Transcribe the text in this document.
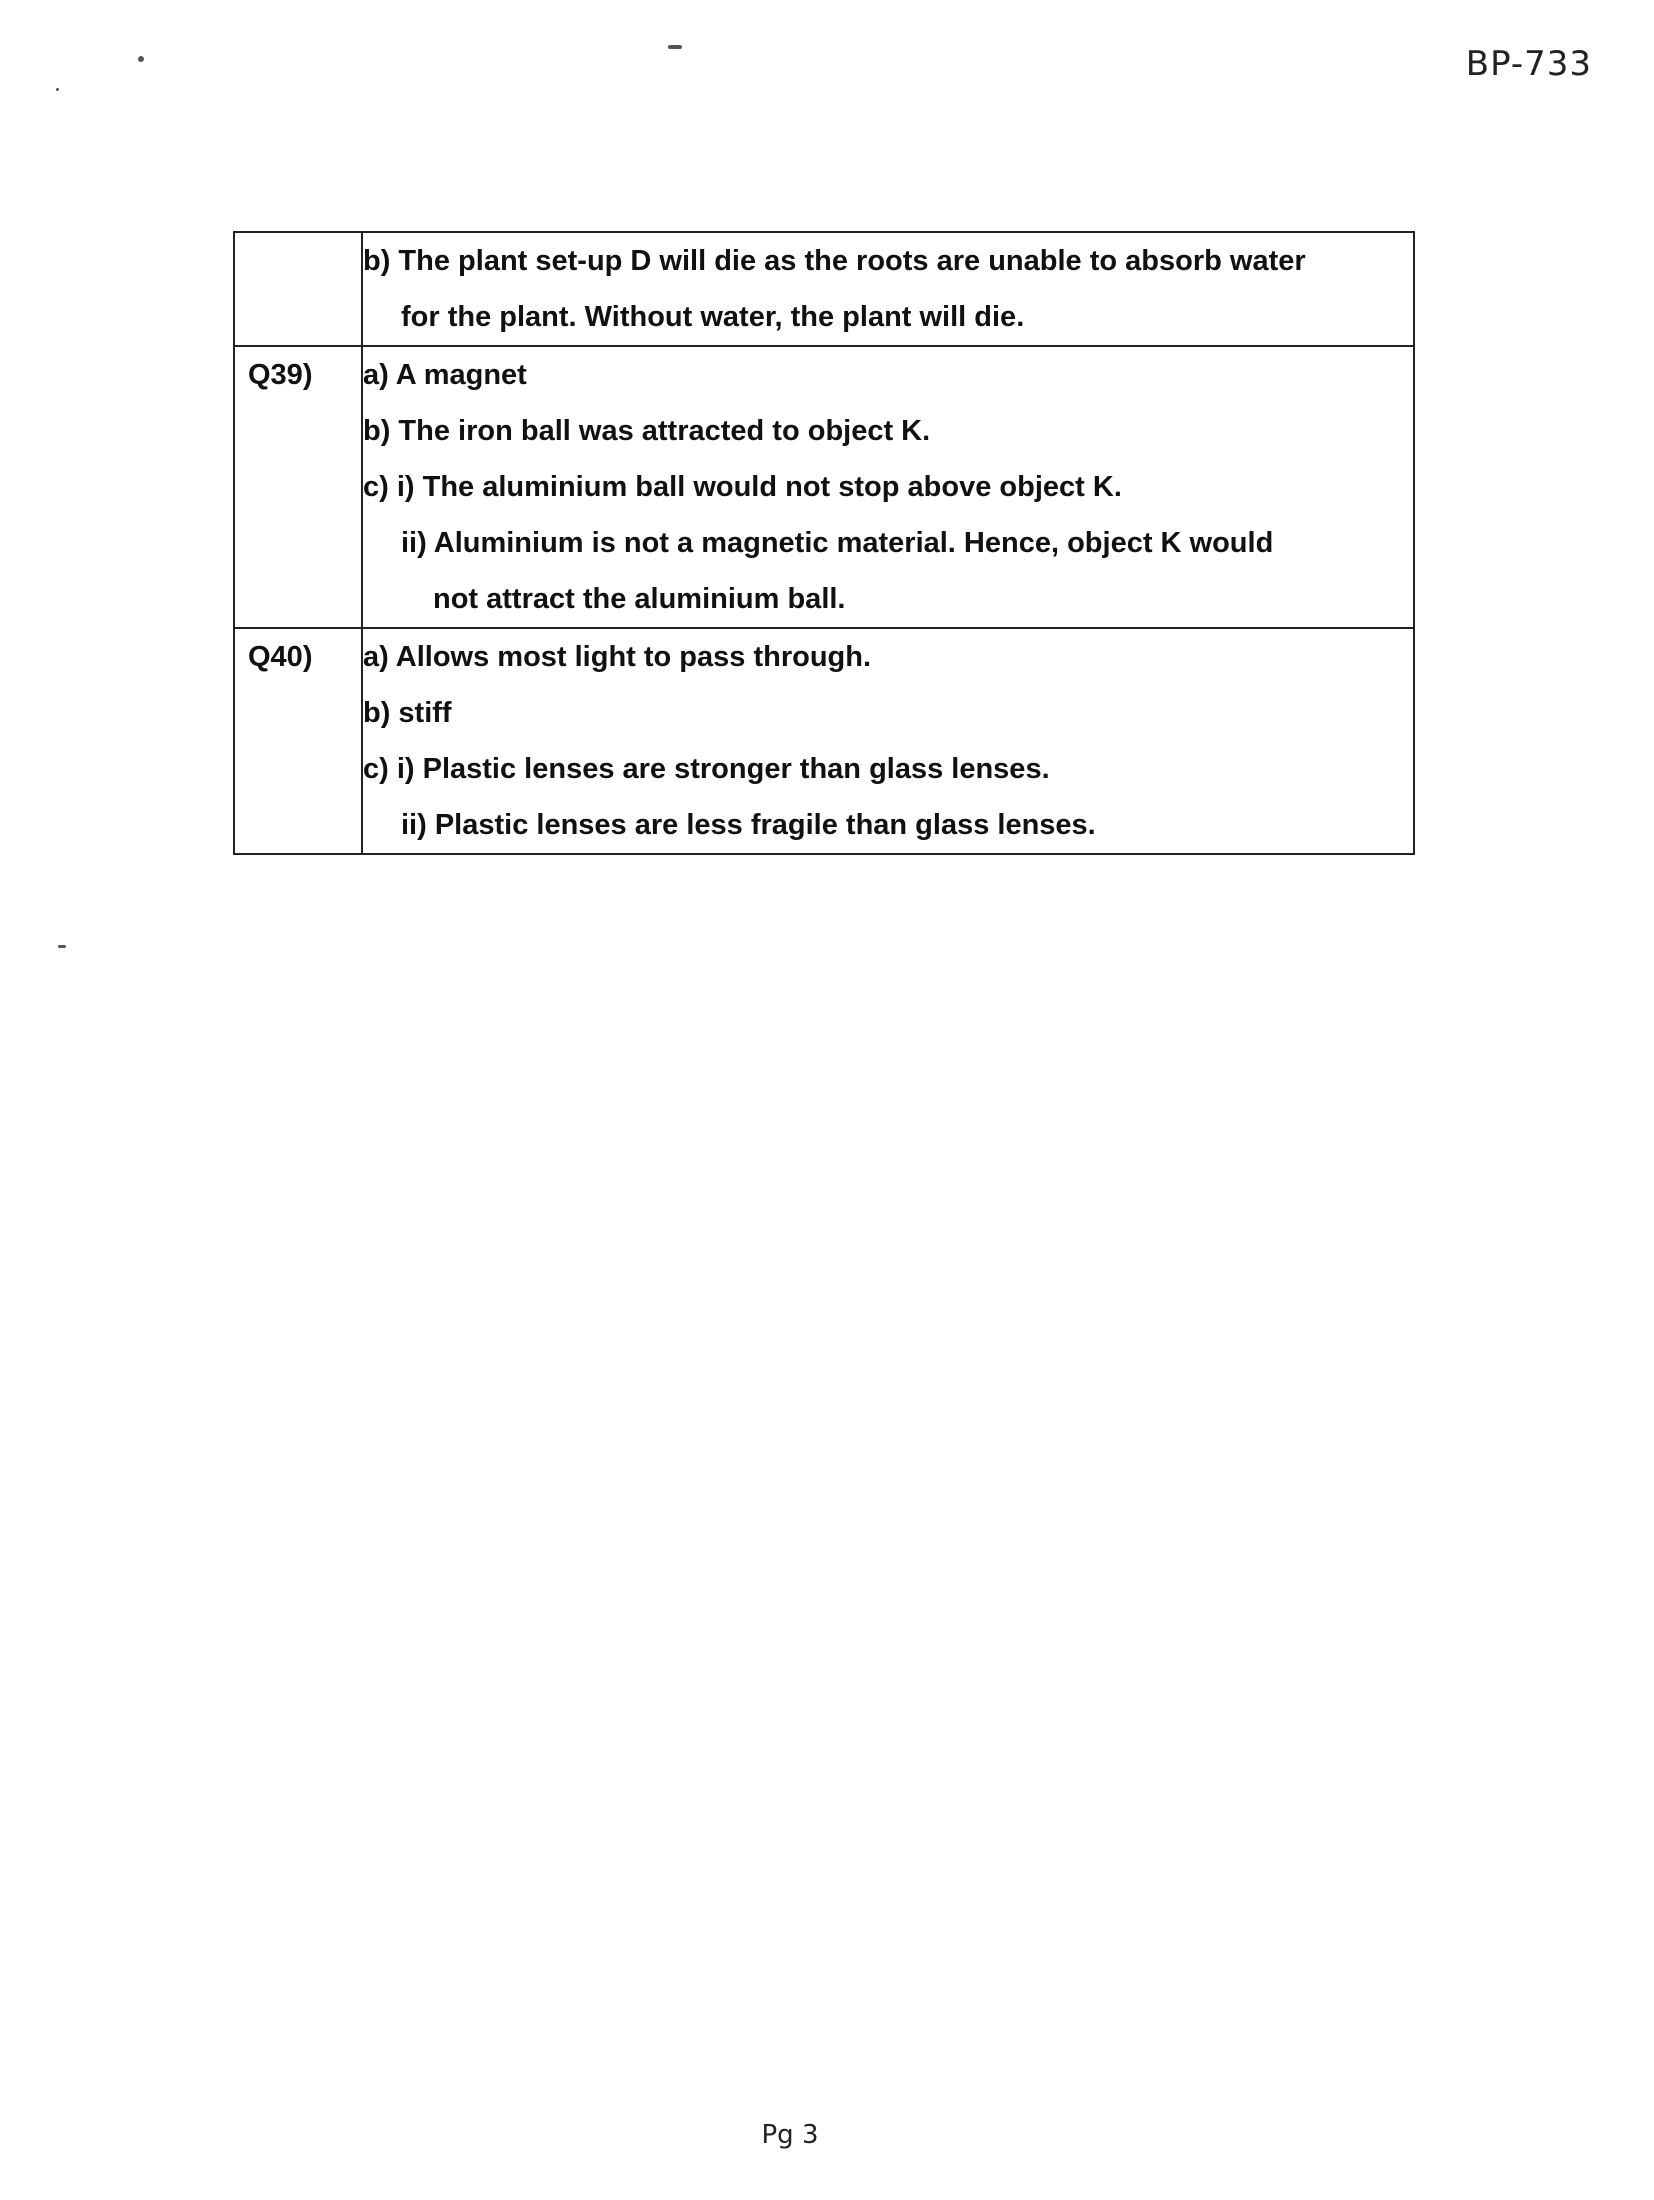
BP-733

	b) The plant set-up D will die as the roots are unable to absorb water
for the plant. Without water, the plant will die.

Q39)	a) A magnet
b) The iron ball was attracted to object K.
c) i) The aluminium ball would not stop above object K.
ii) Aluminium is not a magnetic material. Hence, object K would
not attract the aluminium ball.

Q40)	a) Allows most light to pass through.
b) stiff
c) i) Plastic lenses are stronger than glass lenses.
ii) Plastic lenses are less fragile than glass lenses.
Pg 3
